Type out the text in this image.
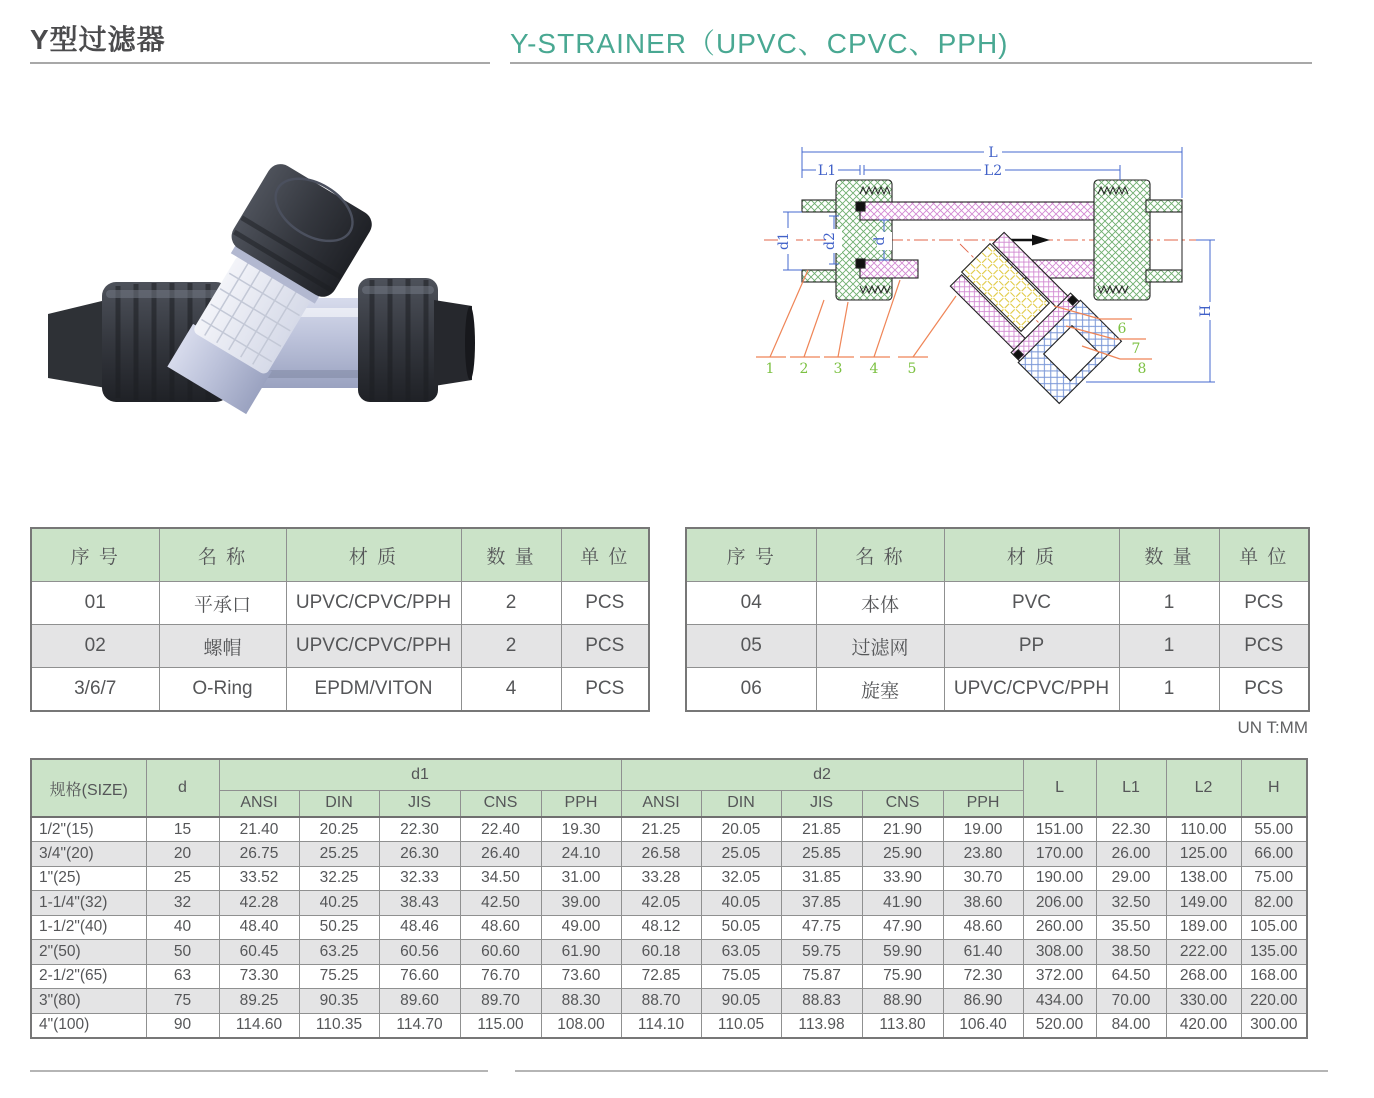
Y型过滤器	Y-STRAINER（UPVC、CPVC、PPH)
L
L1	L2
d1 d2 d
H
1 2 3 4 5
6
7
8
序 号	名 称	材 质	数 量	单 位
01	平承口	UPVC/CPVC/PPH	2	PCS
02	螺帽	UPVC/CPVC/PPH	2	PCS
3/6/7	O-Ring	EPDM/VITON	4	PCS
序 号	名 称	材 质	数 量	单 位
04	本体	PVC	1	PCS
05	过滤网	PP	1	PCS
06	旋塞	UPVC/CPVC/PPH	1	PCS
UN T:MM
规格(SIZE)	d	d1					d2					L	L1	L2	H
		ANSI	DIN	JIS	CNS	PPH	ANSI	DIN	JIS	CNS	PPH				
1/2"(15)	15	21.40	20.25	22.30	22.40	19.30	21.25	20.05	21.85	21.90	19.00	151.00	22.30	110.00	55.00
3/4"(20)	20	26.75	25.25	26.30	26.40	24.10	26.58	25.05	25.85	25.90	23.80	170.00	26.00	125.00	66.00
1"(25)	25	33.52	32.25	32.33	34.50	31.00	33.28	32.05	31.85	33.90	30.70	190.00	29.00	138.00	75.00
1-1/4"(32)	32	42.28	40.25	38.43	42.50	39.00	42.05	40.05	37.85	41.90	38.60	206.00	32.50	149.00	82.00
1-1/2"(40)	40	48.40	50.25	48.46	48.60	49.00	48.12	50.05	47.75	47.90	48.60	260.00	35.50	189.00	105.00
2"(50)	50	60.45	63.25	60.56	60.60	61.90	60.18	63.05	59.75	59.90	61.40	308.00	38.50	222.00	135.00
2-1/2"(65)	63	73.30	75.25	76.60	76.70	73.60	72.85	75.05	75.87	75.90	72.30	372.00	64.50	268.00	168.00
3"(80)	75	89.25	90.35	89.60	89.70	88.30	88.70	90.05	88.83	88.90	86.90	434.00	70.00	330.00	220.00
4"(100)	90	114.60	110.35	114.70	115.00	108.00	114.10	110.05	113.98	113.80	106.40	520.00	84.00	420.00	300.00
